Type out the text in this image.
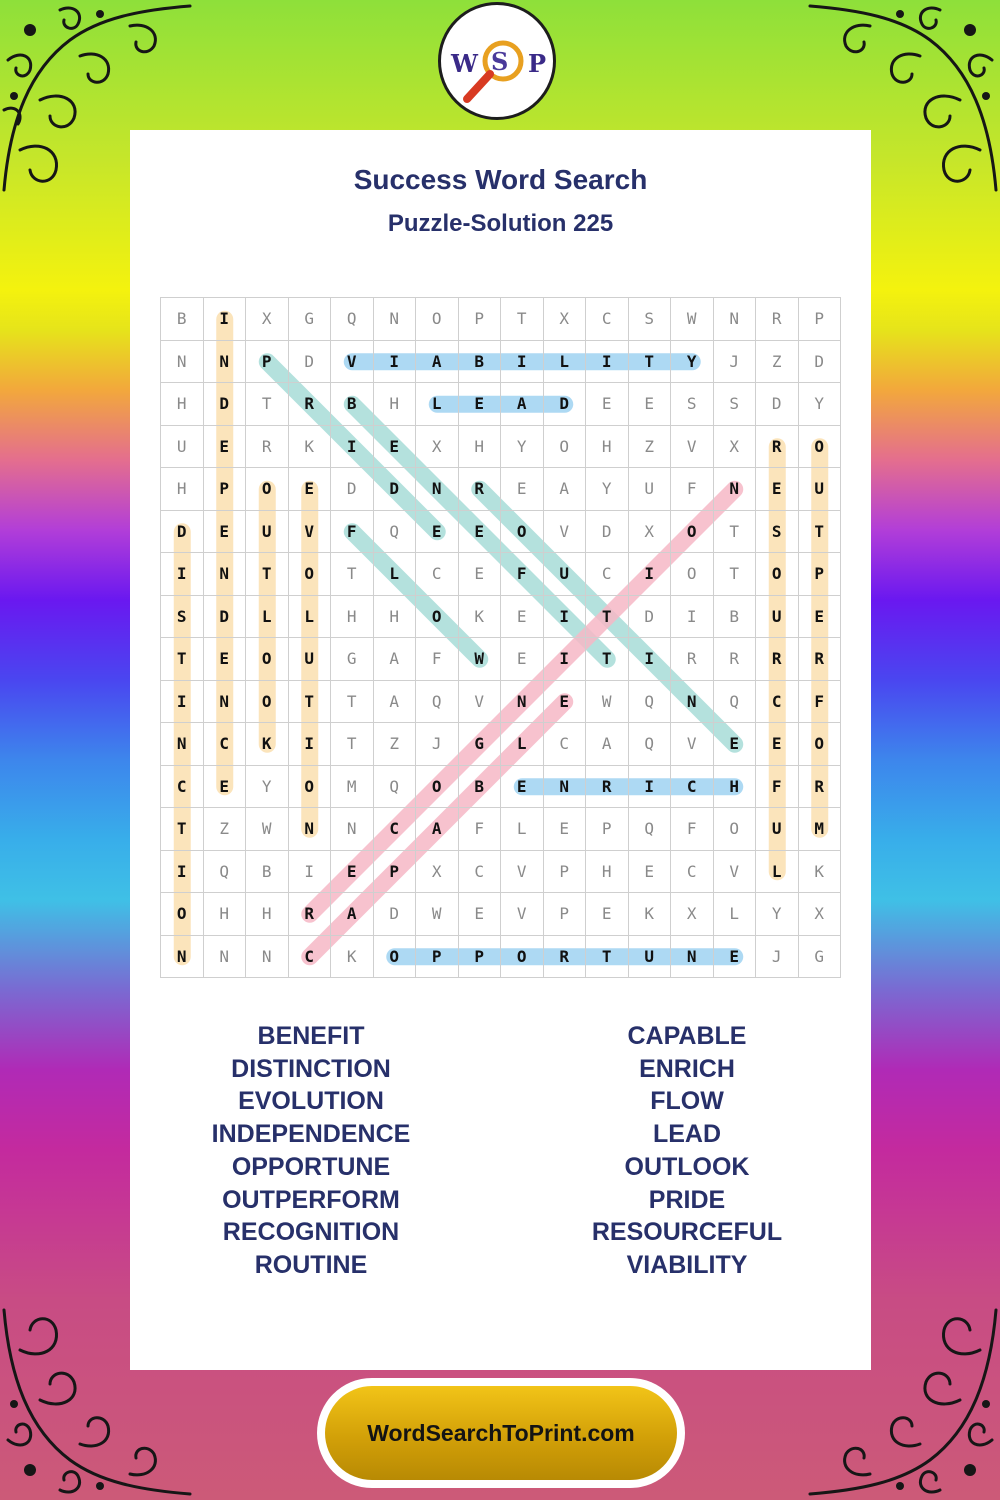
W S P
Success Word Search
Puzzle-Solution 225
B	I	X	G	Q	N	O	P	T	X	C	S	W	N	R	P
N	N	P	D	V	I	A	B	I	L	I	T	Y	J	Z	D
H	D	T	R	B	H	L	E	A	D	E	E	S	S	D	Y
U	E	R	K	I	E	X	H	Y	O	H	Z	V	X	R	O
H	P	O	E	D	D	N	R	E	A	Y	U	F	N	E	U
D	E	U	V	F	Q	E	E	O	V	D	X	O	T	S	T
I	N	T	O	T	L	C	E	F	U	C	I	O	T	O	P
S	D	L	L	H	H	O	K	E	I	T	D	I	B	U	E
T	E	O	U	G	A	F	W	E	I	T	I	R	R	R	R
I	N	O	T	T	A	Q	V	N	E	W	Q	N	Q	C	F
N	C	K	I	T	Z	J	G	L	C	A	Q	V	E	E	O
C	E	Y	O	M	Q	O	B	E	N	R	I	C	H	F	R
T	Z	W	N	N	C	A	F	L	E	P	Q	F	O	U	M
I	Q	B	I	E	P	X	C	V	P	H	E	C	V	L	K
O	H	H	R	A	D	W	E	V	P	E	K	X	L	Y	X
N	N	N	C	K	O	P	P	O	R	T	U	N	E	J	G
BENEFIT
DISTINCTION
EVOLUTION
INDEPENDENCE
OPPORTUNE
OUTPERFORM
RECOGNITION
ROUTINE
CAPABLE
ENRICH
FLOW
LEAD
OUTLOOK
PRIDE
RESOURCEFUL
VIABILITY
WordSearchToPrint.com
